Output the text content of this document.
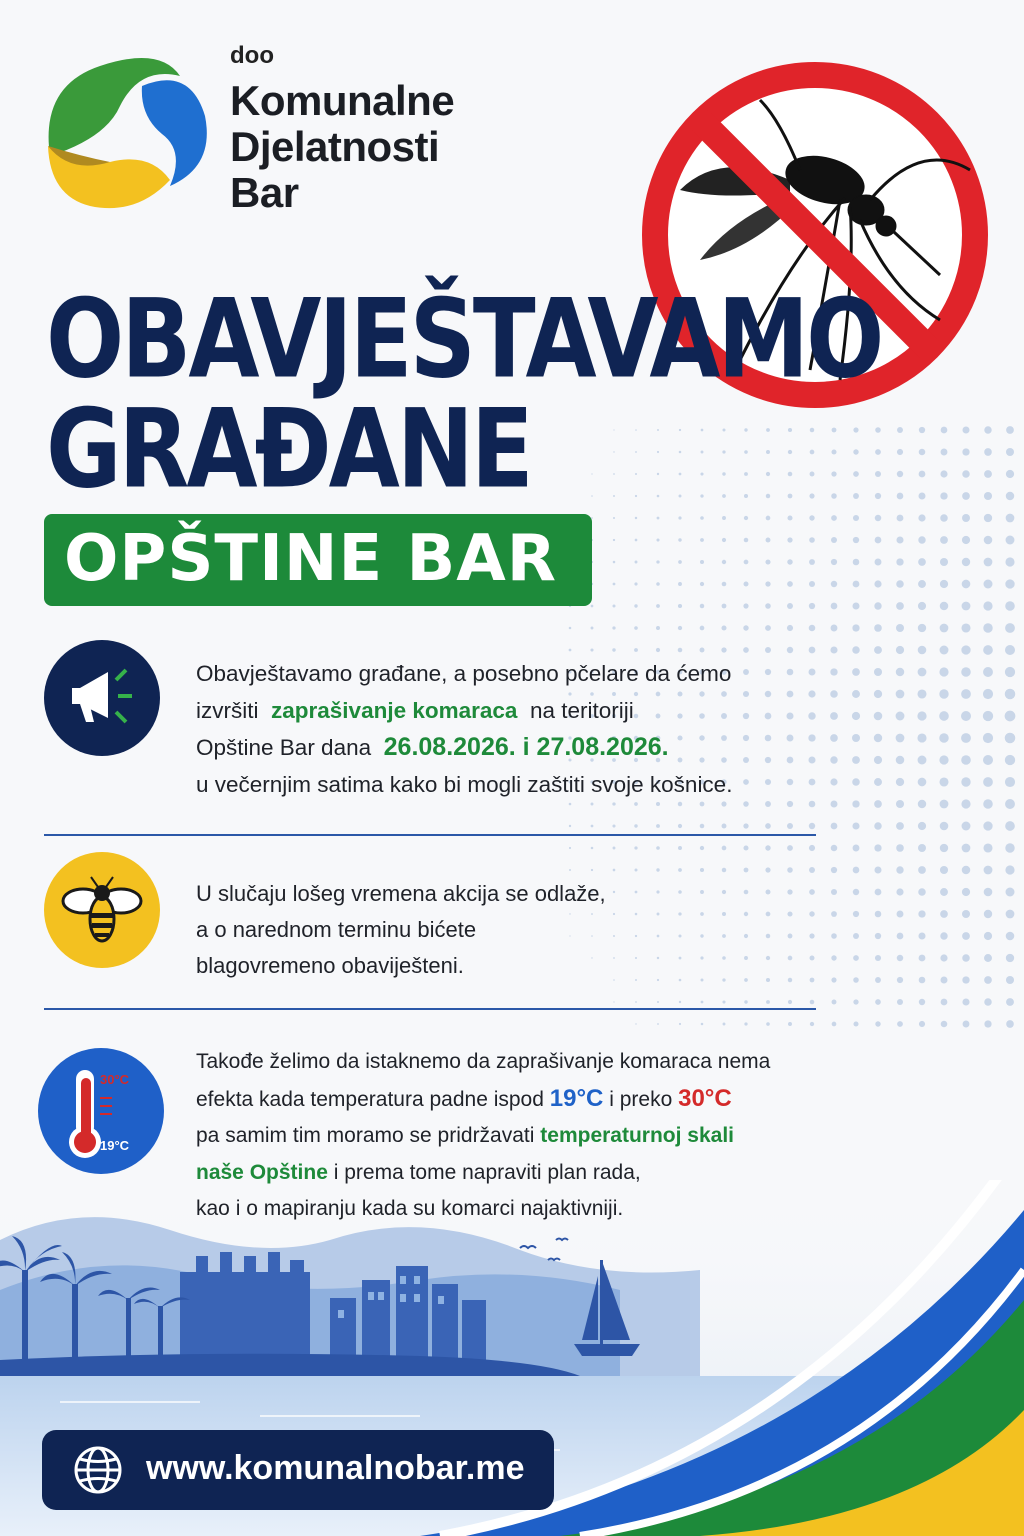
doo
Komunalne
Djelatnosti
Bar
OBAVJEŠTAVAMO
GRAĐANE
OPŠTINE BAR
Obavještavamo građane, a posebno pčelare da ćemo
izvršiti zaprašivanje komaraca na teritoriji
Opštine Bar dana 26.08.2026. i 27.08.2026.
u večernjim satima kako bi mogli zaštiti svoje košnice.
U slučaju lošeg vremena akcija se odlaže,
a o narednom terminu bićete
blagovremeno obaviješteni.
30°C
19°C
Takođe želimo da istaknemo da zaprašivanje komaraca nema
efekta kada temperatura padne ispod 19°C i preko 30°C
pa samim tim moramo se pridržavati temperaturnoj skali
naše Opštine i prema tome napraviti plan rada,
kao i o mapiranju kada su komarci najaktivniji.
www.komunalnobar.me
